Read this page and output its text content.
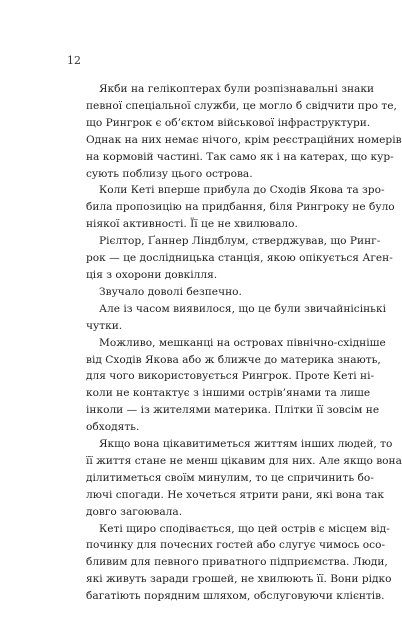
12

Якби на гелікоптерах були розпізнавальні знаки
певної спеціальної служби, це могло б свідчити про те,
що Рингрок є об’єктом військової інфраструктури.
Однак на них немає нічого, крім реєстраційних номерів
на кормовій частині. Так само як і на катерах, що кур-
сують поблизу цього острова.

Коли Кеті вперше прибула до Сходів Якова та зро-
била пропозицію на придбання, біля Рингроку не було
ніякої активності. Її це не хвилювало.

Рієлтор, Ґаннер Ліндблум, стверджував, що Ринг-
рок — це дослідницька станція, якою опікується Аген-
ція з охорони довкілля.

Звучало доволі безпечно.

Але із часом виявилося, що це були звичайнісінькі
чутки.

Можливо, мешканці на островах північно-східніше
від Сходів Якова або ж ближче до материка знають,
для чого використовується Рингрок. Проте Кеті ні-
коли не контактує з іншими острів’янами та лише
інколи — із жителями материка. Плітки її зовсім не
обходять.

Якщо вона цікавитиметься життям інших людей, то
її життя стане не менш цікавим для них. Але якщо вона
ділитиметься своїм минулим, то це спричинить бо-
лючі спогади. Не хочеться ятрити рани, які вона так
довго загоювала.

Кеті щиро сподівається, що цей острів є місцем від-
починку для почесних гостей або слугує чимось осо-
бливим для певного приватного підприємства. Люди,
які живуть заради грошей, не хвилюють її. Вони рідко
багатіють порядним шляхом, обслуговуючи клієнтів.
